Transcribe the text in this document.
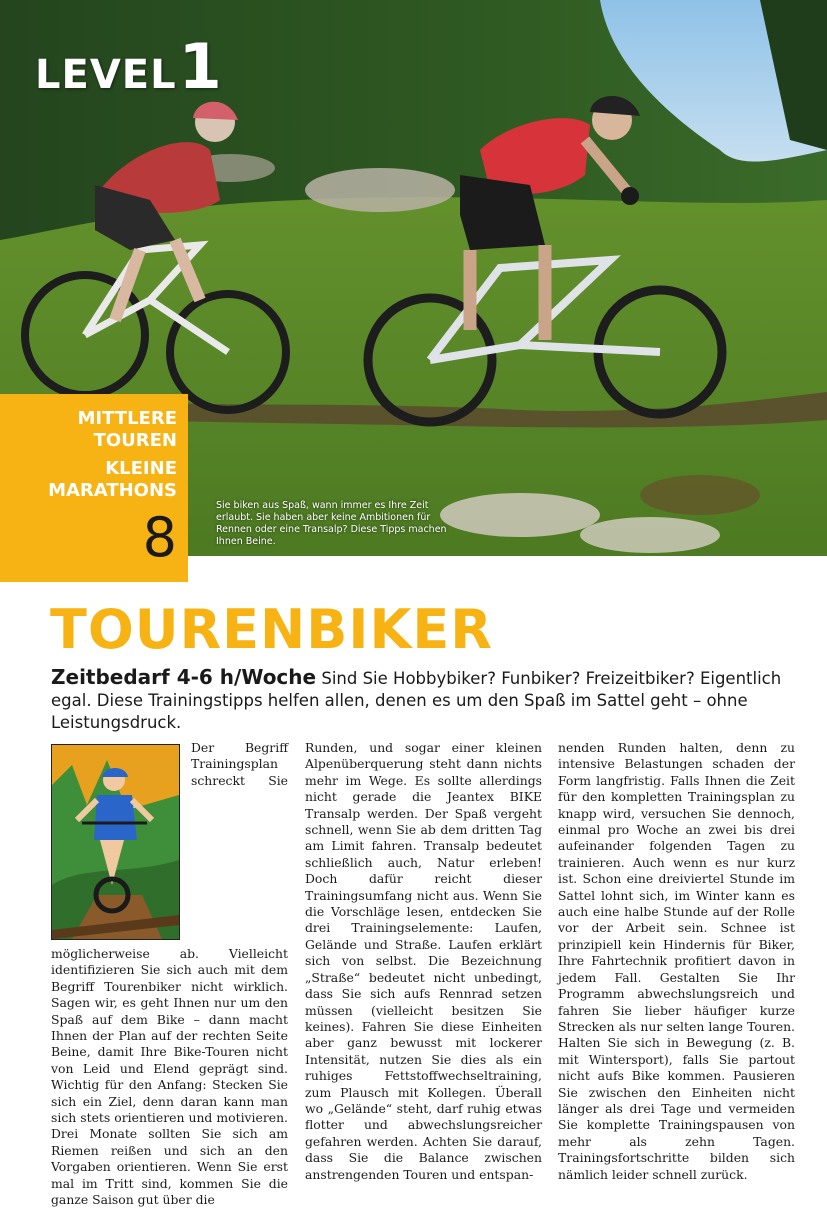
LEVEL 1
Sie biken aus Spaß, wann immer es Ihre Zeit erlaubt. Sie haben aber keine Ambitionen für Rennen oder eine Transalp? Diese Tipps machen Ihnen Beine.
MITTLERE
TOUREN
KLEINE
MARATHONS
8
TOURENBIKER
Zeitbedarf 4-6 h/Woche Sind Sie Hobbybiker? Funbiker? Freizeitbiker? Eigentlich egal. Diese Trainingstipps helfen allen, denen es um den Spaß im Sattel geht – ohne Leistungsdruck.
Der Begriff Trainingsplan schreckt Sie möglicherweise ab. Vielleicht identifizieren Sie sich auch mit dem Begriff Tourenbiker nicht wirklich. Sagen wir, es geht Ihnen nur um den Spaß auf dem Bike – dann macht Ihnen der Plan auf der rechten Seite Beine, damit Ihre Bike-Touren nicht von Leid und Elend geprägt sind. Wichtig für den Anfang: Stecken Sie sich ein Ziel, denn daran kann man sich stets orientieren und motivieren. Drei Monate sollten Sie sich am Riemen reißen und sich an den Vorgaben orientieren. Wenn Sie erst mal im Tritt sind, kommen Sie die ganze Saison gut über die
Runden, und sogar einer kleinen Alpenüberquerung steht dann nichts mehr im Wege. Es sollte allerdings nicht gerade die Jeantex BIKE Transalp werden. Der Spaß vergeht schnell, wenn Sie ab dem dritten Tag am Limit fahren. Transalp bedeutet schließlich auch, Natur erleben! Doch dafür reicht dieser Trainingsumfang nicht aus. Wenn Sie die Vorschläge lesen, entdecken Sie drei Trainingselemente: Laufen, Gelände und Straße. Laufen erklärt sich von selbst. Die Bezeichnung „Straße“ bedeutet nicht unbedingt, dass Sie sich aufs Rennrad setzen müssen (vielleicht besitzen Sie keines). Fahren Sie diese Einheiten aber ganz bewusst mit lockerer Intensität, nutzen Sie dies als ein ruhiges Fettstoffwechseltraining, zum Plausch mit Kollegen. Überall wo „Gelände“ steht, darf ruhig etwas flotter und abwechslungsreicher gefahren werden. Achten Sie darauf, dass Sie die Balance zwischen anstrengenden Touren und entspan-
nenden Runden halten, denn zu intensive Belastungen schaden der Form langfristig. Falls Ihnen die Zeit für den kompletten Trainingsplan zu knapp wird, versuchen Sie dennoch, einmal pro Woche an zwei bis drei aufeinander folgenden Tagen zu trainieren. Auch wenn es nur kurz ist. Schon eine dreiviertel Stunde im Sattel lohnt sich, im Winter kann es auch eine halbe Stunde auf der Rolle vor der Arbeit sein. Schnee ist prinzipiell kein Hindernis für Biker, Ihre Fahrtechnik profitiert davon in jedem Fall. Gestalten Sie Ihr Programm abwechslungsreich und fahren Sie lieber häufiger kurze Strecken als nur selten lange Touren. Halten Sie sich in Bewegung (z. B. mit Wintersport), falls Sie partout nicht aufs Bike kommen. Pausieren Sie zwischen den Einheiten nicht länger als drei Tage und vermeiden Sie komplette Trainingspausen von mehr als zehn Tagen. Trainingsfortschritte bilden sich nämlich leider schnell zurück.
